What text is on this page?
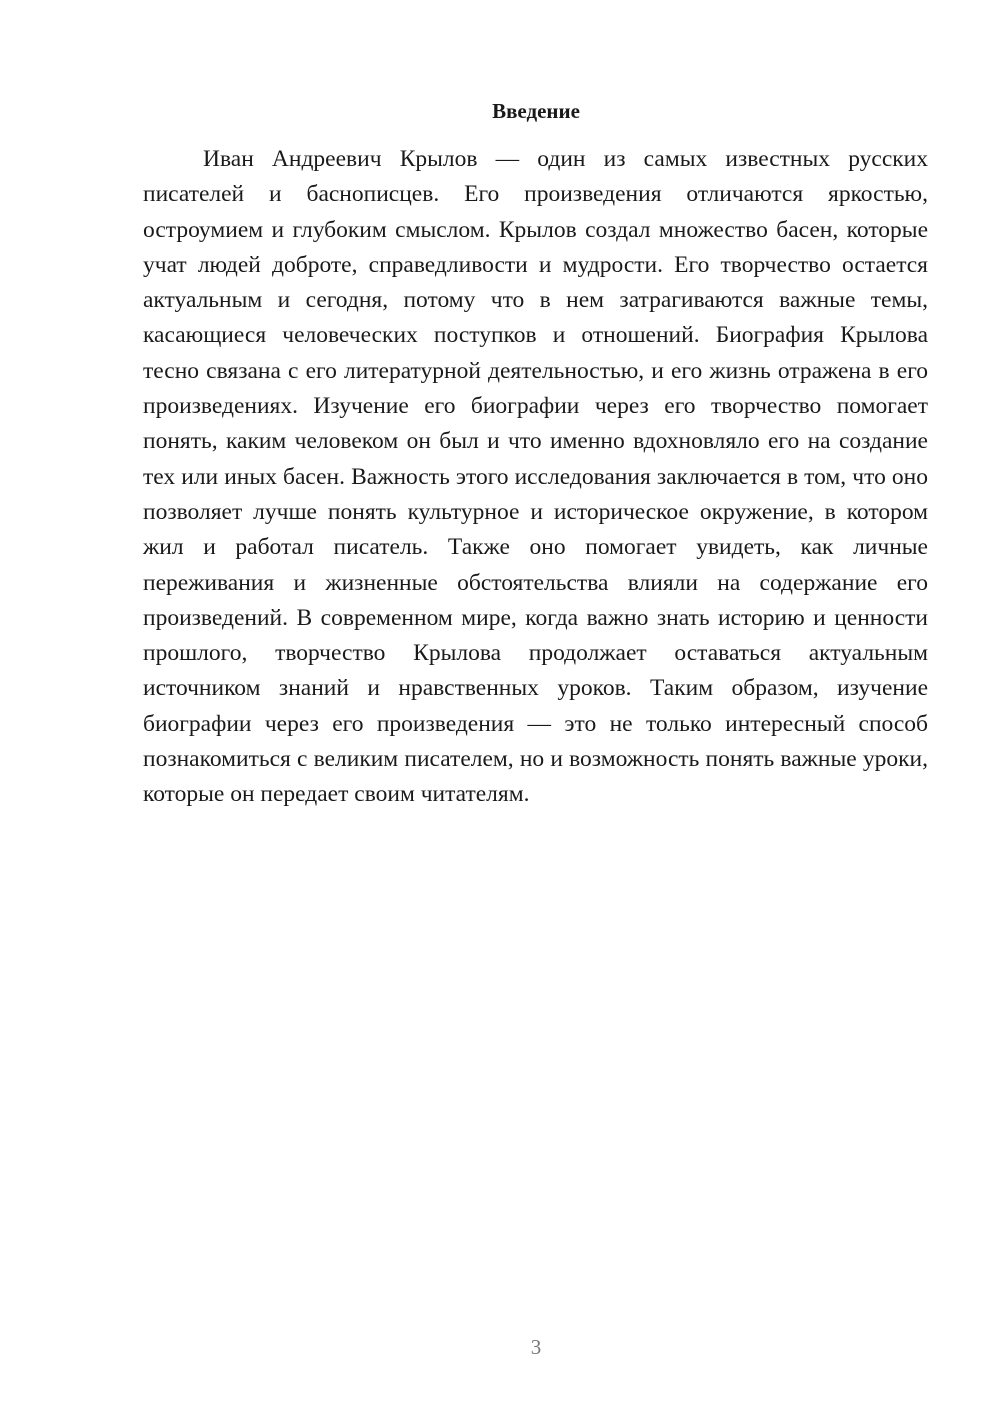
Введение

Иван Андреевич Крылов — один из самых известных русских писателей и баснописцев. Его произведения отличаются яркостью, остроумием и глубоким смыслом. Крылов создал множество басен, которые учат людей доброте, справедливости и мудрости. Его творчество остается актуальным и сегодня, потому что в нем затрагиваются важные темы, касающиеся человеческих поступков и отношений. Биография Крылова тесно связана с его литературной деятельностью, и его жизнь отражена в его произведениях. Изучение его биографии через его творчество помогает понять, каким человеком он был и что именно вдохновляло его на создание тех или иных басен. Важность этого исследования заключается в том, что оно позволяет лучше понять культурное и историческое окружение, в котором жил и работал писатель. Также оно помогает увидеть, как личные переживания и жизненные обстоятельства влияли на содержание его произведений. В современном мире, когда важно знать историю и ценности прошлого, творчество Крылова продолжает оставаться актуальным источником знаний и нравственных уроков. Таким образом, изучение биографии через его произведения — это не только интересный способ познакомиться с великим писателем, но и возможность понять важные уроки, которые он передает своим читателям.

3
